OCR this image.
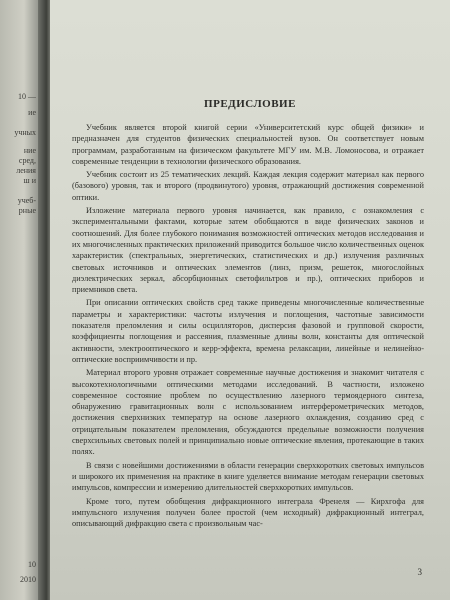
10 —
ие
учных
ние
сред,
ления
ш и
учеб-
рные
10
2010
ПРЕДИСЛОВИЕ

Учебник является второй книгой серии «Университетский курс общей физики» и предназначен для студентов физических специальностей вузов. Он соответствует новым программам, разработанным на физическом факультете МГУ им. М.В. Ломоносова, и отражает современные тенденции в технологии физического образования.

Учебник состоит из 25 тематических лекций. Каждая лекция содержит материал как первого (базового) уровня, так и второго (продвинутого) уровня, отражающий достижения современной оптики.

Изложение материала первого уровня начинается, как правило, с ознакомления с экспериментальными фактами, которые затем обобщаются в виде физических законов и соотношений. Для более глубокого понимания возможностей оптических методов исследования и их многочисленных практических приложений приводится большое число количественных оценок характеристик (спектральных, энергетических, статистических и др.) излучения различных световых источников и оптических элементов (линз, призм, решеток, многослойных диэлектрических зеркал, абсорбционных светофильтров и пр.), оптических приборов и приемников света.

При описании оптических свойств сред также приведены многочисленные количественные параметры и характеристики: частоты излучения и поглощения, частотные зависимости показателя преломления и силы осцилляторов, дисперсия фазовой и групповой скорости, коэффициенты поглощения и рассеяния, плазменные длины волн, константы для оптической активности, электрооптического и керр-эффекта, времена релаксации, линейные и нелинейно-оптические восприимчивости и пр.

Материал второго уровня отражает современные научные достижения и знакомит читателя с высокотехнологичными оптическими методами исследований. В частности, изложено современное состояние проблем по осуществлению лазерного термоядерного синтеза, обнаружению гравитационных волн с использованием интерферометрических методов, достижения сверхнизких температур на основе лазерного охлаждения, созданию сред с отрицательным показателем преломления, обсуждаются предельные возможности получения сверхсильных световых полей и принципиально новые оптические явления, протекающие в таких полях.

В связи с новейшими достижениями в области генерации сверхкоротких световых импульсов и широкого их применения на практике в книге уделяется внимание методам генерации световых импульсов, компрессии и измерению длительностей сверхкоротких импульсов.

Кроме того, путем обобщения дифракционного интеграла Френеля — Кирхгофа для импульсного излучения получен более простой (чем исходный) дифракционный интеграл, описывающий дифракцию света с произвольным час-

3
